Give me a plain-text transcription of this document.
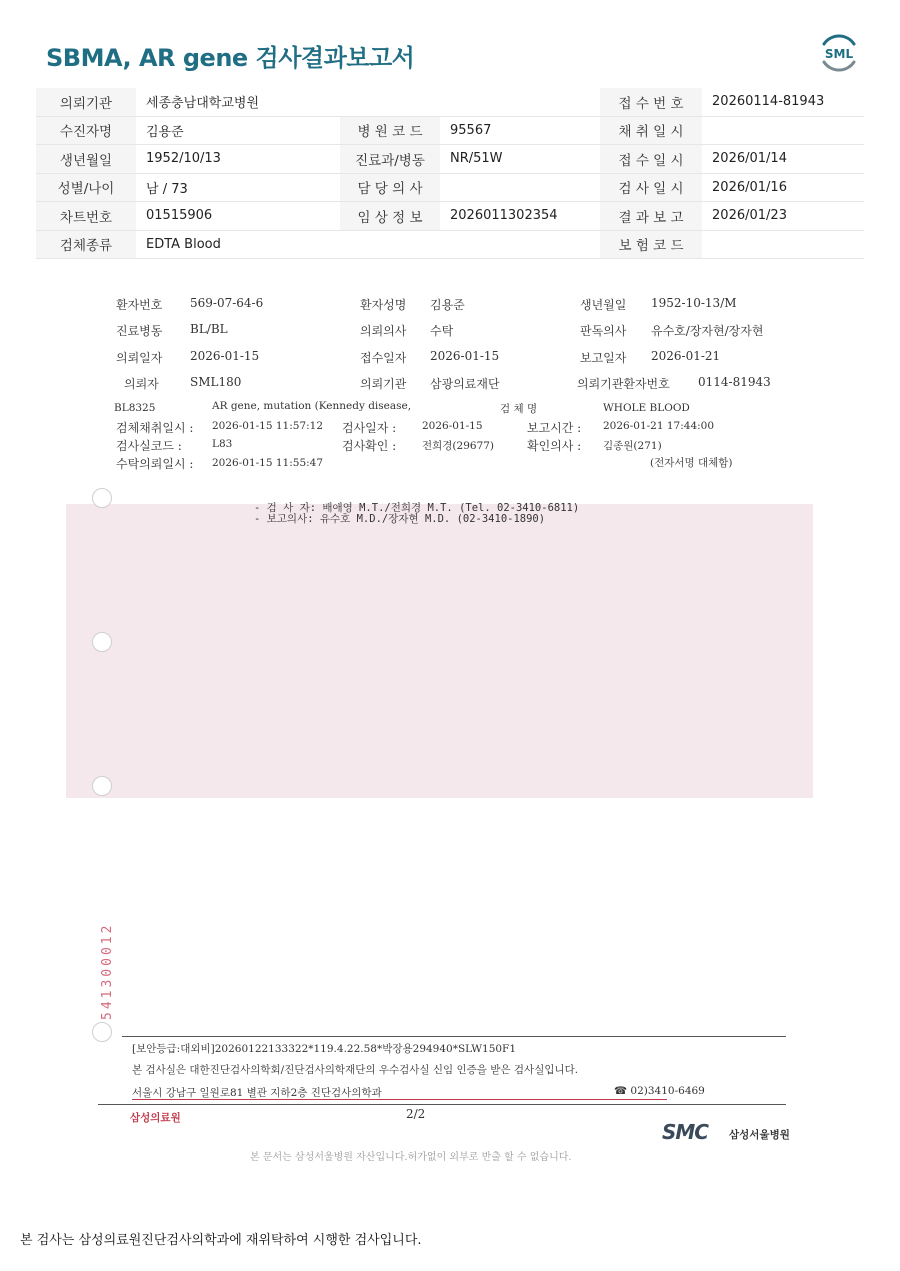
SBMA, AR gene 검사결과보고서	SML
의뢰기관	세종충남대학교병원			접 수 번 호	20260114-81943
수진자명	김용준	병 원 코 드	95567	채 취 일 시	
생년월일	1952/10/13	진료과/병동	NR/51W	접 수 일 시	2026/01/14
성별/나이	남 / 73	담 당 의 사		검 사 일 시	2026/01/16
차트번호	01515906	임 상 정 보	2026011302354	결 과 보 고	2026/01/23
검체종류	EDTA Blood			보 험 코 드	
환자번호 569-07-64-6	환자성명 김용준	생년월일 1952-10-13/M
진료병동 BL/BL	의뢰의사 수탁	판독의사 유수호/장자현/장자현
의뢰일자 2026-01-15	접수일자 2026-01-15	보고일자 2026-01-21
의뢰자	SML180	의뢰기관 삼광의료재단	의뢰기관환자번호 0114-81943
BL8325	AR gene, mutation (Kennedy disease,	검 체 명	WHOLE BLOOD
검체채취일시 : 2026-01-15 11:57:12 검사일자 : 2026-01-15	보고시간 : 2026-01-21 17:44:00
검사실코드 :	L83	검사확인 : 전희경(29677)	확인의사 : 김종원(271)
수탁의뢰일시 : 2026-01-15 11:55:47	(전자서명 대체함)
- 검 사 자: 배애영 M.T./전희경 M.T. (Tel. 02-3410-6811)
- 보고의사: 유수호 M.D./장자현 M.D. (02-3410-1890)
541300012
[보안등급:대외비]20260122133322*119.4.22.58*박장용294940*SLW150F1
본 검사실은 대한진단검사의학회/진단검사의학재단의 우수검사실 신임 인증을 받은 검사실입니다.
서울시 강남구 일원로81 별관 지하2층 진단검사의학과	☎ 02)3410-6469
2/2
삼성의료원
SMC 삼성서울병원
본 문서는 삼성서울병원 자산입니다.허가없이 외부로 반출 할 수 없습니다.
본 검사는 삼성의료원진단검사의학과에 재위탁하여 시행한 검사입니다.
